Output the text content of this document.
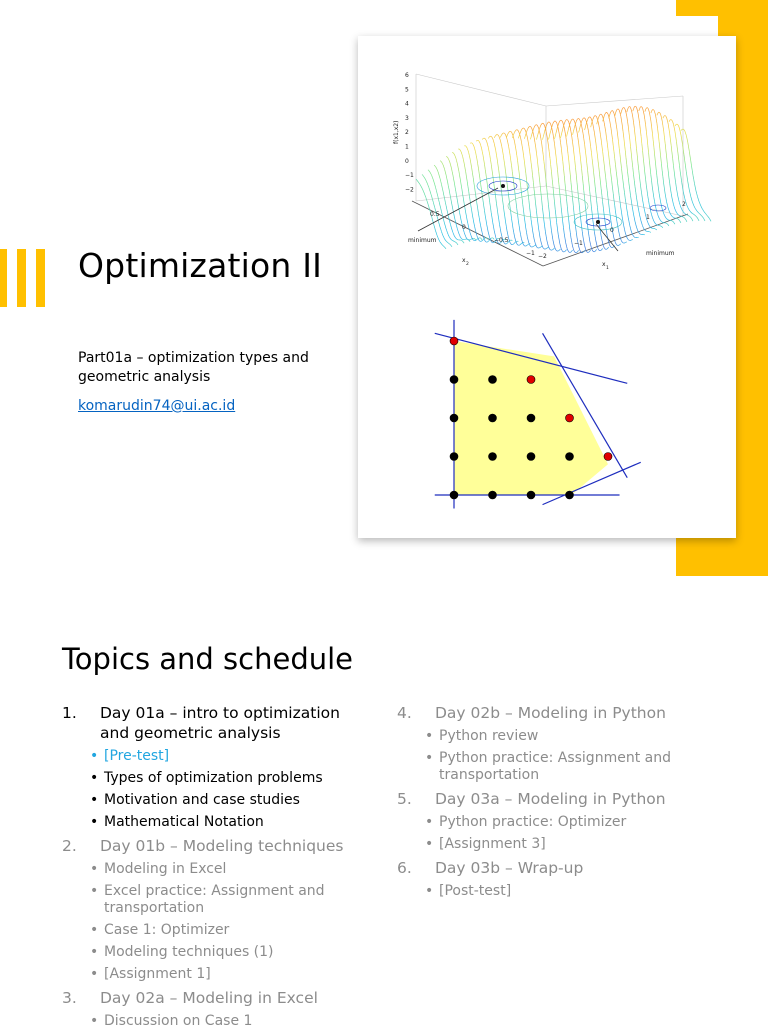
Optimization II
Part01a – optimization types and geometric analysis
komarudin74@ui.ac.id
f(x1,x2)
minimum
minimum
x
2	x
1
6
5
4
3
2
1
0
−1
−2
0.5
0
−0.5
−1 −2
−1
0
1
2
Topics and schedule
1.	Day 01a – intro to optimization and geometric analysis
• [Pre-test]
• Types of optimization problems
• Motivation and case studies
• Mathematical Notation
2.	Day 01b – Modeling techniques
• Modeling in Excel
• Excel practice: Assignment and transportation
• Case 1: Optimizer
• Modeling techniques (1)
• [Assignment 1]
3.	Day 02a – Modeling in Excel
• Discussion on Case 1
4.	Day 02b – Modeling in Python
• Python review
• Python practice: Assignment and transportation
5.	Day 03a – Modeling in Python
• Python practice: Optimizer
• [Assignment 3]
6.	Day 03b – Wrap-up
• [Post-test]
